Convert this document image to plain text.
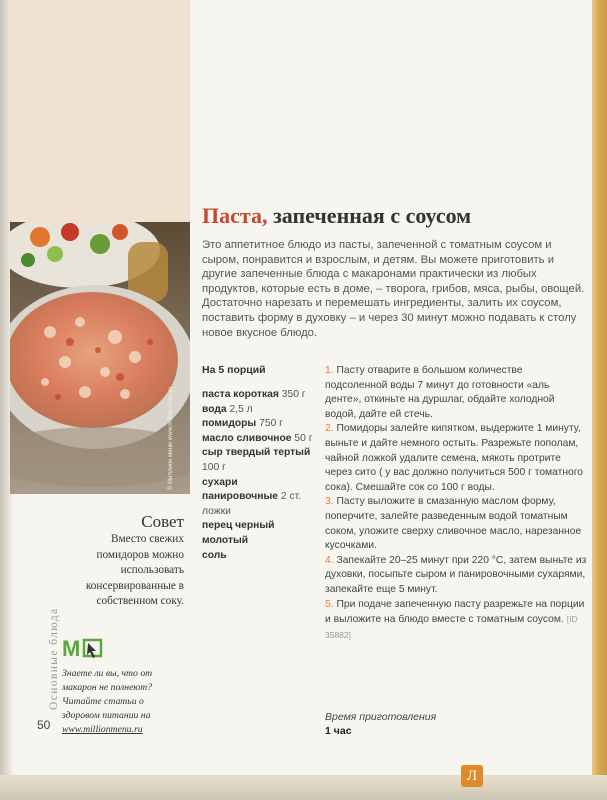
© Миллион меню www.millionmenu.ru
Совет
Вместо свежих помидоров можно использовать консервированные в собственном соку.
M
Знаете ли вы, что от макарон не полнеют? Читайте статьи о здоровом питании на www.millionmenu.ru
Основные блюда
50
Паста, запеченная с соусом

Это аппетитное блюдо из пасты, запеченной с томатным соусом и сыром, понравится и взрослым, и детям. Вы можете приготовить и другие запеченные блюда с макаронами практически из любых продуктов, которые есть в доме, – творога, грибов, мяса, рыбы, овощей. Достаточно нарезать и перемешать ингредиенты, залить их соусом, поставить форму в духовку – и через 30 минут можно подавать к столу новое вкусное блюдо.

На 5 порций
паста короткая 350 г
вода 2,5 л
помидоры 750 г
масло сливочное 50 г
сыр твердый тертый 100 г
сухари панировочные 2 ст. ложки
перец черный молотый
соль
1. Пасту отварите в большом количестве подсоленной воды 7 минут до готовности «аль денте», откиньте на дуршлаг, обдайте холодной водой, дайте ей стечь.
2. Помидоры залейте кипятком, выдержите 1 минуту, выньте и дайте немного остыть. Разрежьте пополам, чайной ложкой удалите семена, мякоть протрите через сито ( у вас должно получиться 500 г томатного сока). Смешайте сок со 100 г воды.
3. Пасту выложите в смазанную маслом форму, поперчите, залейте разведенным водой томатным соком, уложите сверху сливочное масло, нарезанное кусочками.
4. Запекайте 20–25 минут при 220 °С, затем выньте из духовки, посыпьте сыром и панировочными сухарями, запекайте еще 5 минут.
5. При подаче запеченную пасту разрежьте на порции и выложите на блюдо вместе с томатным соусом. [ID 35882]
Время приготовления
1 час
Л
